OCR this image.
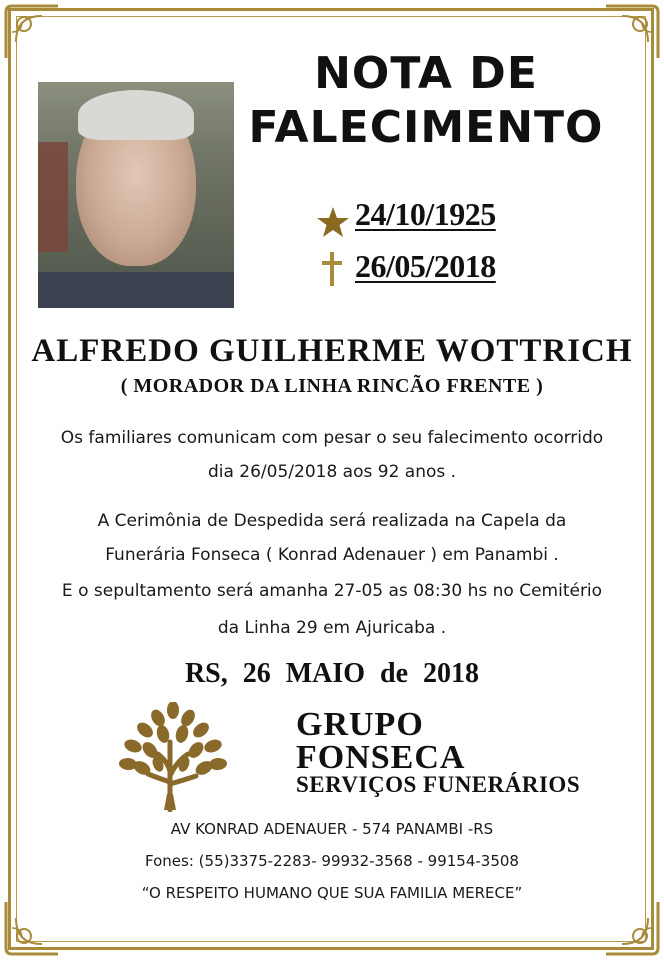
NOTA DE
FALECIMENTO
24/10/1925
26/05/2018
ALFREDO GUILHERME WOTTRICH
( MORADOR DA LINHA RINCÃO FRENTE )
Os familiares comunicam com pesar o seu falecimento ocorrido
dia 26/05/2018 aos 92 anos .
A Cerimônia de Despedida será realizada na Capela da
Funerária Fonseca ( Konrad Adenauer ) em Panambi .
E o sepultamento será amanha 27-05 as 08:30 hs no Cemitério
da Linha 29 em Ajuricaba .
RS, 26 MAIO de 2018
GRUPO
FONSECA
SERVIÇOS FUNERÁRIOS
AV KONRAD ADENAUER - 574 PANAMBI -RS
Fones: (55)3375-2283- 99932-3568 - 99154-3508
“O RESPEITO HUMANO QUE SUA FAMILIA MERECE”
